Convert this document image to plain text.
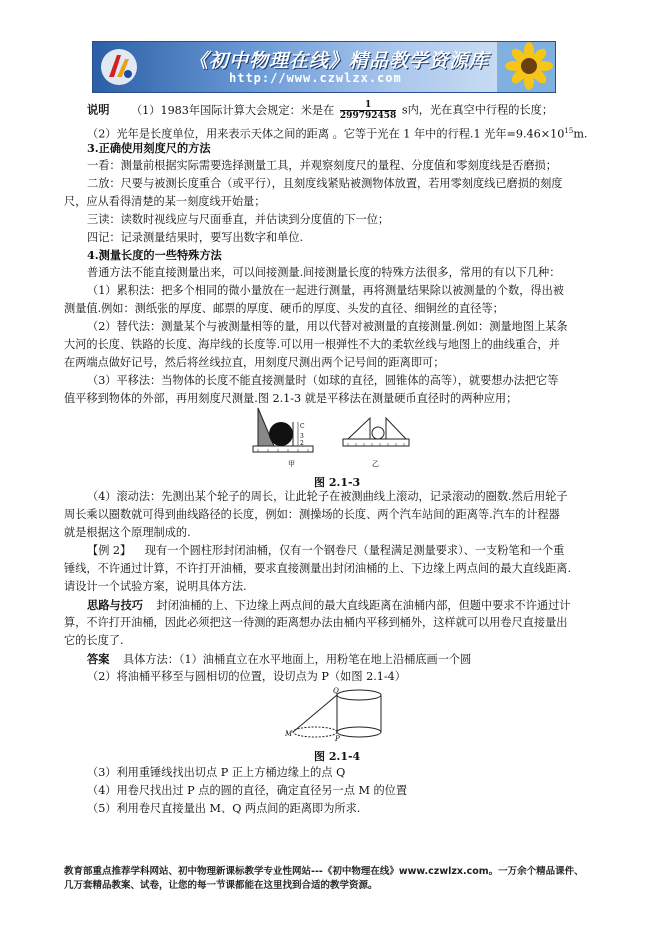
《初中物理在线》精品教学资源库
http://www.czwlzx.com
说明 （1）1983年国际计算大会规定：米是在 $\frac{1}{299792458}$ s内，光在真空中行程的长度；
（2）光年是长度单位，用来表示天体之间的距离 。它等于光在 1 年中的行程.1 光年$=9.46\times 10^{15}m$.
3.正确使用刻度尺的方法
一看：测量前根据实际需要选择测量工具，并观察刻度尺的量程、分度值和零刻度线是否磨损；
二放：尺要与被测长度重合（或平行），且刻度线紧贴被测物体放置，若用零刻度线已磨损的刻度
尺，应从看得清楚的某一刻度线开始量；
三读：读数时视线应与尺面垂直，并估读到分度值的下一位；
四记：记录测量结果时，要写出数字和单位.
4.测量长度的一些特殊方法
普通方法不能直接测量出来，可以间接测量.间接测量长度的特殊方法很多，常用的有以下几种：
（1）累积法：把多个相同的微小量放在一起进行测量，再将测量结果除以被测量的个数，得出被
测量值.例如：测纸张的厚度、邮票的厚度、硬币的厚度、头发的直径、细铜丝的直径等；
（2）替代法：测量某个与被测量相等的量，用以代替对被测量的直接测量.例如：测量地图上某条
大河的长度、铁路的长度、海岸线的长度等.可以用一根弹性不大的柔软丝线与地图上的曲线重合，并
在两端点做好记号，然后将丝线拉直，用刻度尺测出两个记号间的距离即可；
（3）平移法：当物体的长度不能直接测量时（如球的直径，圆锥体的高等），就要想办法把它等
值平移到物体的外部，再用刻度尺测量.图 2.1-3 就是平移法在测量硬币直径时的两种应用；
C
3
2
甲	乙
图 2.1-3
（4）滚动法：先测出某个轮子的周长，让此轮子在被测曲线上滚动，记录滚动的圈数.然后用轮子
周长乘以圈数就可得到曲线路径的长度，例如：测操场的长度、两个汽车站间的距离等.汽车的计程器
就是根据这个原理制成的.
【例 2】 现有一个圆柱形封闭油桶，仅有一个钢卷尺（量程满足测量要求）、一支粉笔和一个重
锤线，不许通过计算，不许打开油桶，要求直接测量出封闭油桶的上、下边缘上两点间的最大直线距离.
请设计一个试验方案，说明具体方法.
思路与技巧 封闭油桶的上、下边缘上两点间的最大直线距离在油桶内部，但题中要求不许通过计
算，不许打开油桶，因此必须把这一待测的距离想办法由桶内平移到桶外，这样就可以用卷尺直接量出
它的长度了.
答案 具体方法：（1）油桶直立在水平地面上，用粉笔在地上沿桶底画一个圆
（2）将油桶平移至与圆相切的位置，设切点为 P（如图 2.1-4）
Q
M
P
图 2.1-4
（3）利用重锤线找出切点 P 正上方桶边缘上的点 Q
（4）用卷尺找出过 P 点的圆的直径，确定直径另一点 M 的位置
（5）利用卷尺直接量出 M、Q 两点间的距离即为所求.
教育部重点推荐学科网站、初中物理新课标教学专业性网站---《初中物理在线》www.czwlzx.com。一万余个精品课件、
几万套精品教案、试卷，让您的每一节课都能在这里找到合适的教学资源。
